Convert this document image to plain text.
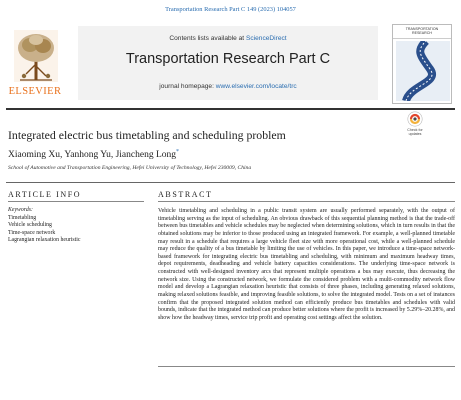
Transportation Research Part C 149 (2023) 104057
ELSEVIER
Contents lists available at ScienceDirect
Transportation Research Part C
journal homepage: www.elsevier.com/locate/trc
TRANSPORTATION
RESEARCH
Integrated electric bus timetabling and scheduling problem	Check for
updates
Xiaoming Xu, Yanhong Yu, Jiancheng Long*
School of Automotive and Transportation Engineering, Hefei University of Technology, Hefei 230009, China
ARTICLE INFO	ABSTRACT
Keywords:
Timetabling
Vehicle scheduling
Time-space network
Lagrangian relaxation heuristic
Vehicle timetabling and scheduling in a public transit system are usually performed separately, with the output of timetabling serving as the input of scheduling. An obvious drawback of this sequential planning method is that the trade-off between bus timetables and vehicle schedules may be neglected when determining solutions, which in turn results in that the obtained solutions may be inferior to those produced using an integrated framework. For example, a well-planned timetable may result in a schedule that requires a large vehicle fleet size with more operational cost, while a well-planned schedule may reduce the quality of a bus timetable by limiting the use of vehicles. In this paper, we introduce a time-space network-based framework for integrating electric bus timetabling and scheduling, with minimum and maximum headway times, depot requirements, deadheading and vehicle battery capacities considerations. The underlying time-space network is constructed with well-designed inventory arcs that represent multiple operations a bus may execute, thus decreasing the network size. Using the constructed network, we formulate the considered problem with a multi-commodity network flow model and develop a Lagrangian relaxation heuristic that consists of three phases, including generating relaxed solutions, making relaxed solutions feasible, and improving feasible solutions, to solve the integrated model. Tests on a set of instances confirm that the proposed integrated solution method can efficiently produce bus timetables and schedules with valid bounds, indicate that the integrated method can produce better solutions where the profit is increased by 5.29%–20.28%, and show how the headway times, service trip profit and operating cost settings affect the solution.
